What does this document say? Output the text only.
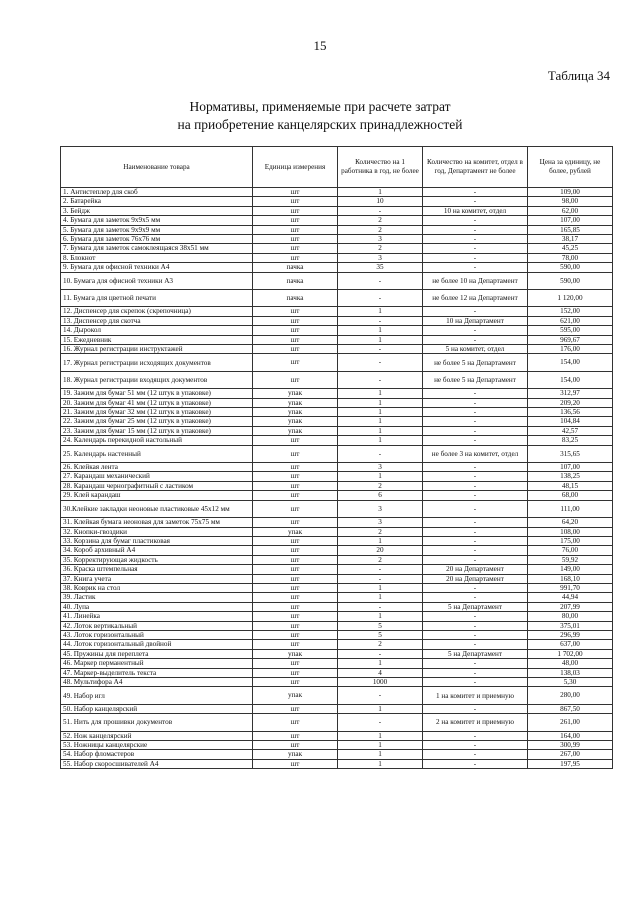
15
Таблица 34
Нормативы, применяемые при расчете затрат
на приобретение канцелярских принадлежностей
Наименование товара	Единица измерения	Количество на 1 работника в год, не более	Количество на комитет, отдел в год, Департамент не более	Цена за единицу, не более, рублей
1. Антистеплер для скоб	шт	1	-	109,00
2. Батарейка	шт	10	-	98,00
3. Бейдж	шт	-	10 на комитет, отдел	62,00
4. Бумага для заметок 9х9х5 мм	шт	2	-	107,00
5. Бумага для заметок 9х9х9 мм	шт	2	-	165,85
6. Бумага для заметок 76х76 мм	шт	3	-	38,17
7. Бумага для заметок самоклеящаяся 38х51 мм	шт	2	-	45,25
8. Блокнот	шт	3	-	78,00
9. Бумага для офисной техники А4	пачка	35	-	590,00
10. Бумага для офисной техники А3	пачка	-	не более 10 на Департамент	590,00
11. Бумага для цветной печати	пачка	-	не более 12 на Департамент	1 120,00
12. Диспенсер для скрепок (скрепочница)	шт	1	-	152,00
13. Диспенсер для скотча	шт	-	10 на Департамент	621,00
14. Дырокол	шт	1	-	595,00
15. Ежедневник	шт	1	-	969,67
16. Журнал регистрации инструктажей	шт	-	5 на комитет, отдел	176,00
17. Журнал регистрации исходящих документов	шт	-	не более 5 на Департамент	154,00
18. Журнал регистрации входящих документов	шт	-	не более 5 на Департамент	154,00
19. Зажим для бумаг 51 мм (12 штук в упаковке)	упак	1	-	312,97
20. Зажим для бумаг 41 мм (12 штук в упаковке)	упак	1	-	209,20
21. Зажим для бумаг 32 мм (12 штук в упаковке)	упак	1	-	136,56
22. Зажим для бумаг 25 мм (12 штук в упаковке)	упак	1	-	104,84
23. Зажим для бумаг 15 мм (12 штук в упаковке)	упак	1	-	42,57
24. Календарь перекидной настольный	шт	1	-	83,25
25. Календарь настенный	шт	-	не более 3 на комитет, отдел	315,65
26. Клейкая лента	шт	3	-	107,00
27. Карандаш механический	шт	1	-	138,25
28. Карандаш чернографитный с ластиком	шт	2	-	48,15
29. Клей карандаш	шт	6	-	68,00
30.Клейкие закладки неоновые пластиковые 45х12 мм	шт	3	-	111,00
31. Клейкая бумага неоновая для заметок 75х75 мм	шт	3	-	64,20
32. Кнопки-гвоздики	упак	2	-	108,00
33. Корзина для бумаг пластиковая	шт	1	-	175,00
34. Короб архивный А4	шт	20	-	76,00
35. Корректирующая жидкость	шт	2	-	59,92
36. Краска штемпельная	шт	-	20 на Департамент	149,00
37. Книга учета	шт	-	20 на Департамент	168,10
38. Коврик на стол	шт	1	-	991,70
39. Ластик	шт	1	-	44,94
40. Лупа	шт	-	5 на Департамент	207,99
41. Линейка	шт	1	-	80,00
42. Лоток вертикальный	шт	5	-	375,01
43. Лоток горизонтальный	шт	5	-	296,99
44. Лоток горизонтальный двойной	шт	2	-	637,00
45. Пружины для переплета	упак	-	5 на Департамент	1 702,00
46. Маркер перманентный	шт	1	-	48,00
47. Маркер-выделитель текста	шт	4	-	138,03
48. Мультифора А4	шт	1000	-	5,30
49. Набор игл	упак	-	1 на комитет и приемную	280,00
50. Набор канцелярский	шт	1	-	867,50
51. Нить для прошивки документов	шт	-	2 на комитет и приемную	261,00
52. Нож канцелярский	шт	1	-	164,00
53. Ножницы канцелярские	шт	1	-	300,99
54. Набор фломастеров	упак	1	-	267,00
55. Набор скоросшивателей А4	шт	1	-	197,95
